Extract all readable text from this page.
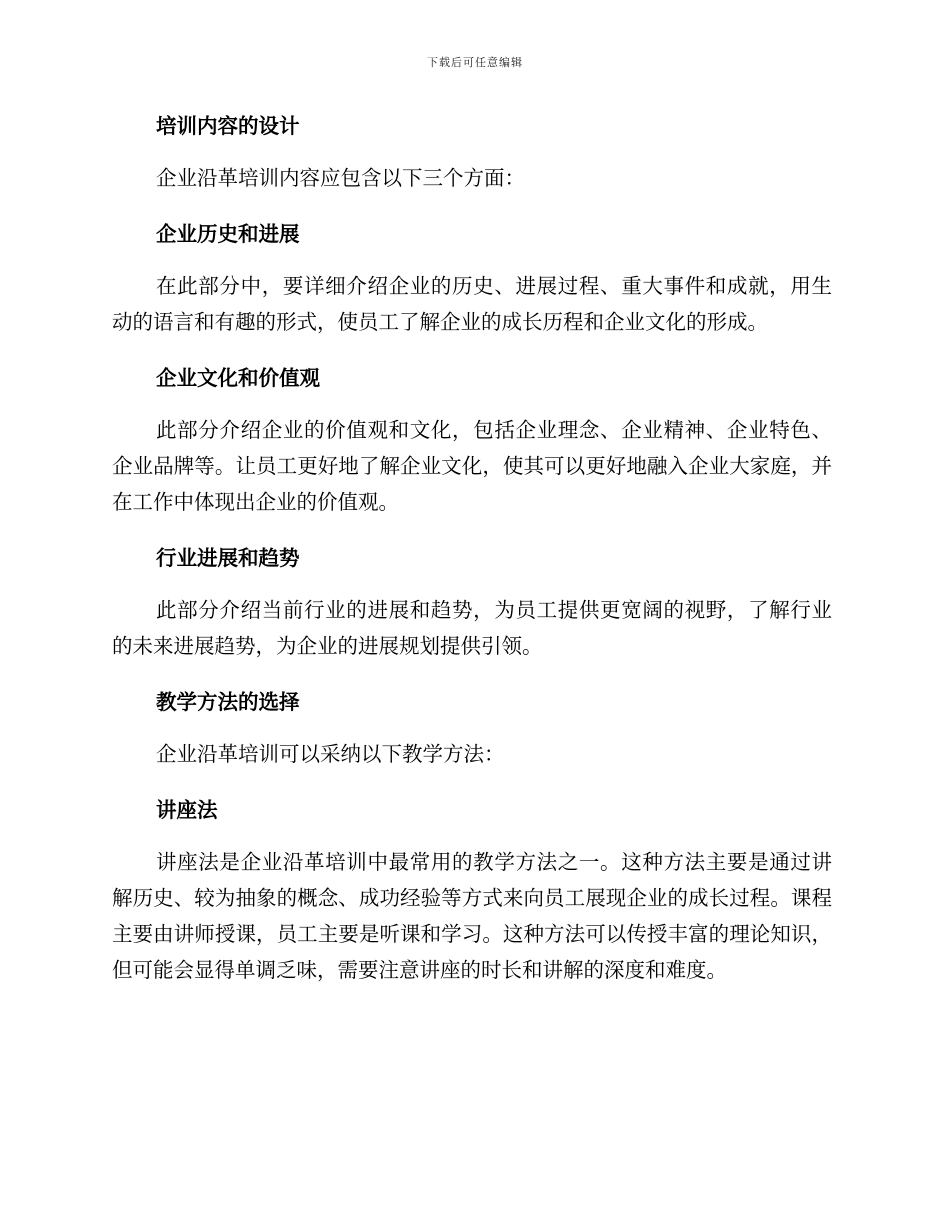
下载后可任意编辑
培训内容的设计

企业沿革培训内容应包含以下三个方面：

企业历史和进展

在此部分中，要详细介绍企业的历史、进展过程、重大事件和成就，用生动的语言和有趣的形式，使员工了解企业的成长历程和企业文化的形成。

企业文化和价值观

此部分介绍企业的价值观和文化，包括企业理念、企业精神、企业特色、企业品牌等。让员工更好地了解企业文化，使其可以更好地融入企业大家庭，并在工作中体现出企业的价值观。

行业进展和趋势

此部分介绍当前行业的进展和趋势，为员工提供更宽阔的视野，了解行业的未来进展趋势，为企业的进展规划提供引领。

教学方法的选择

企业沿革培训可以采纳以下教学方法：

讲座法

讲座法是企业沿革培训中最常用的教学方法之一。这种方法主要是通过讲解历史、较为抽象的概念、成功经验等方式来向员工展现企业的成长过程。课程主要由讲师授课，员工主要是听课和学习。这种方法可以传授丰富的理论知识，但可能会显得单调乏味，需要注意讲座的时长和讲解的深度和难度。
